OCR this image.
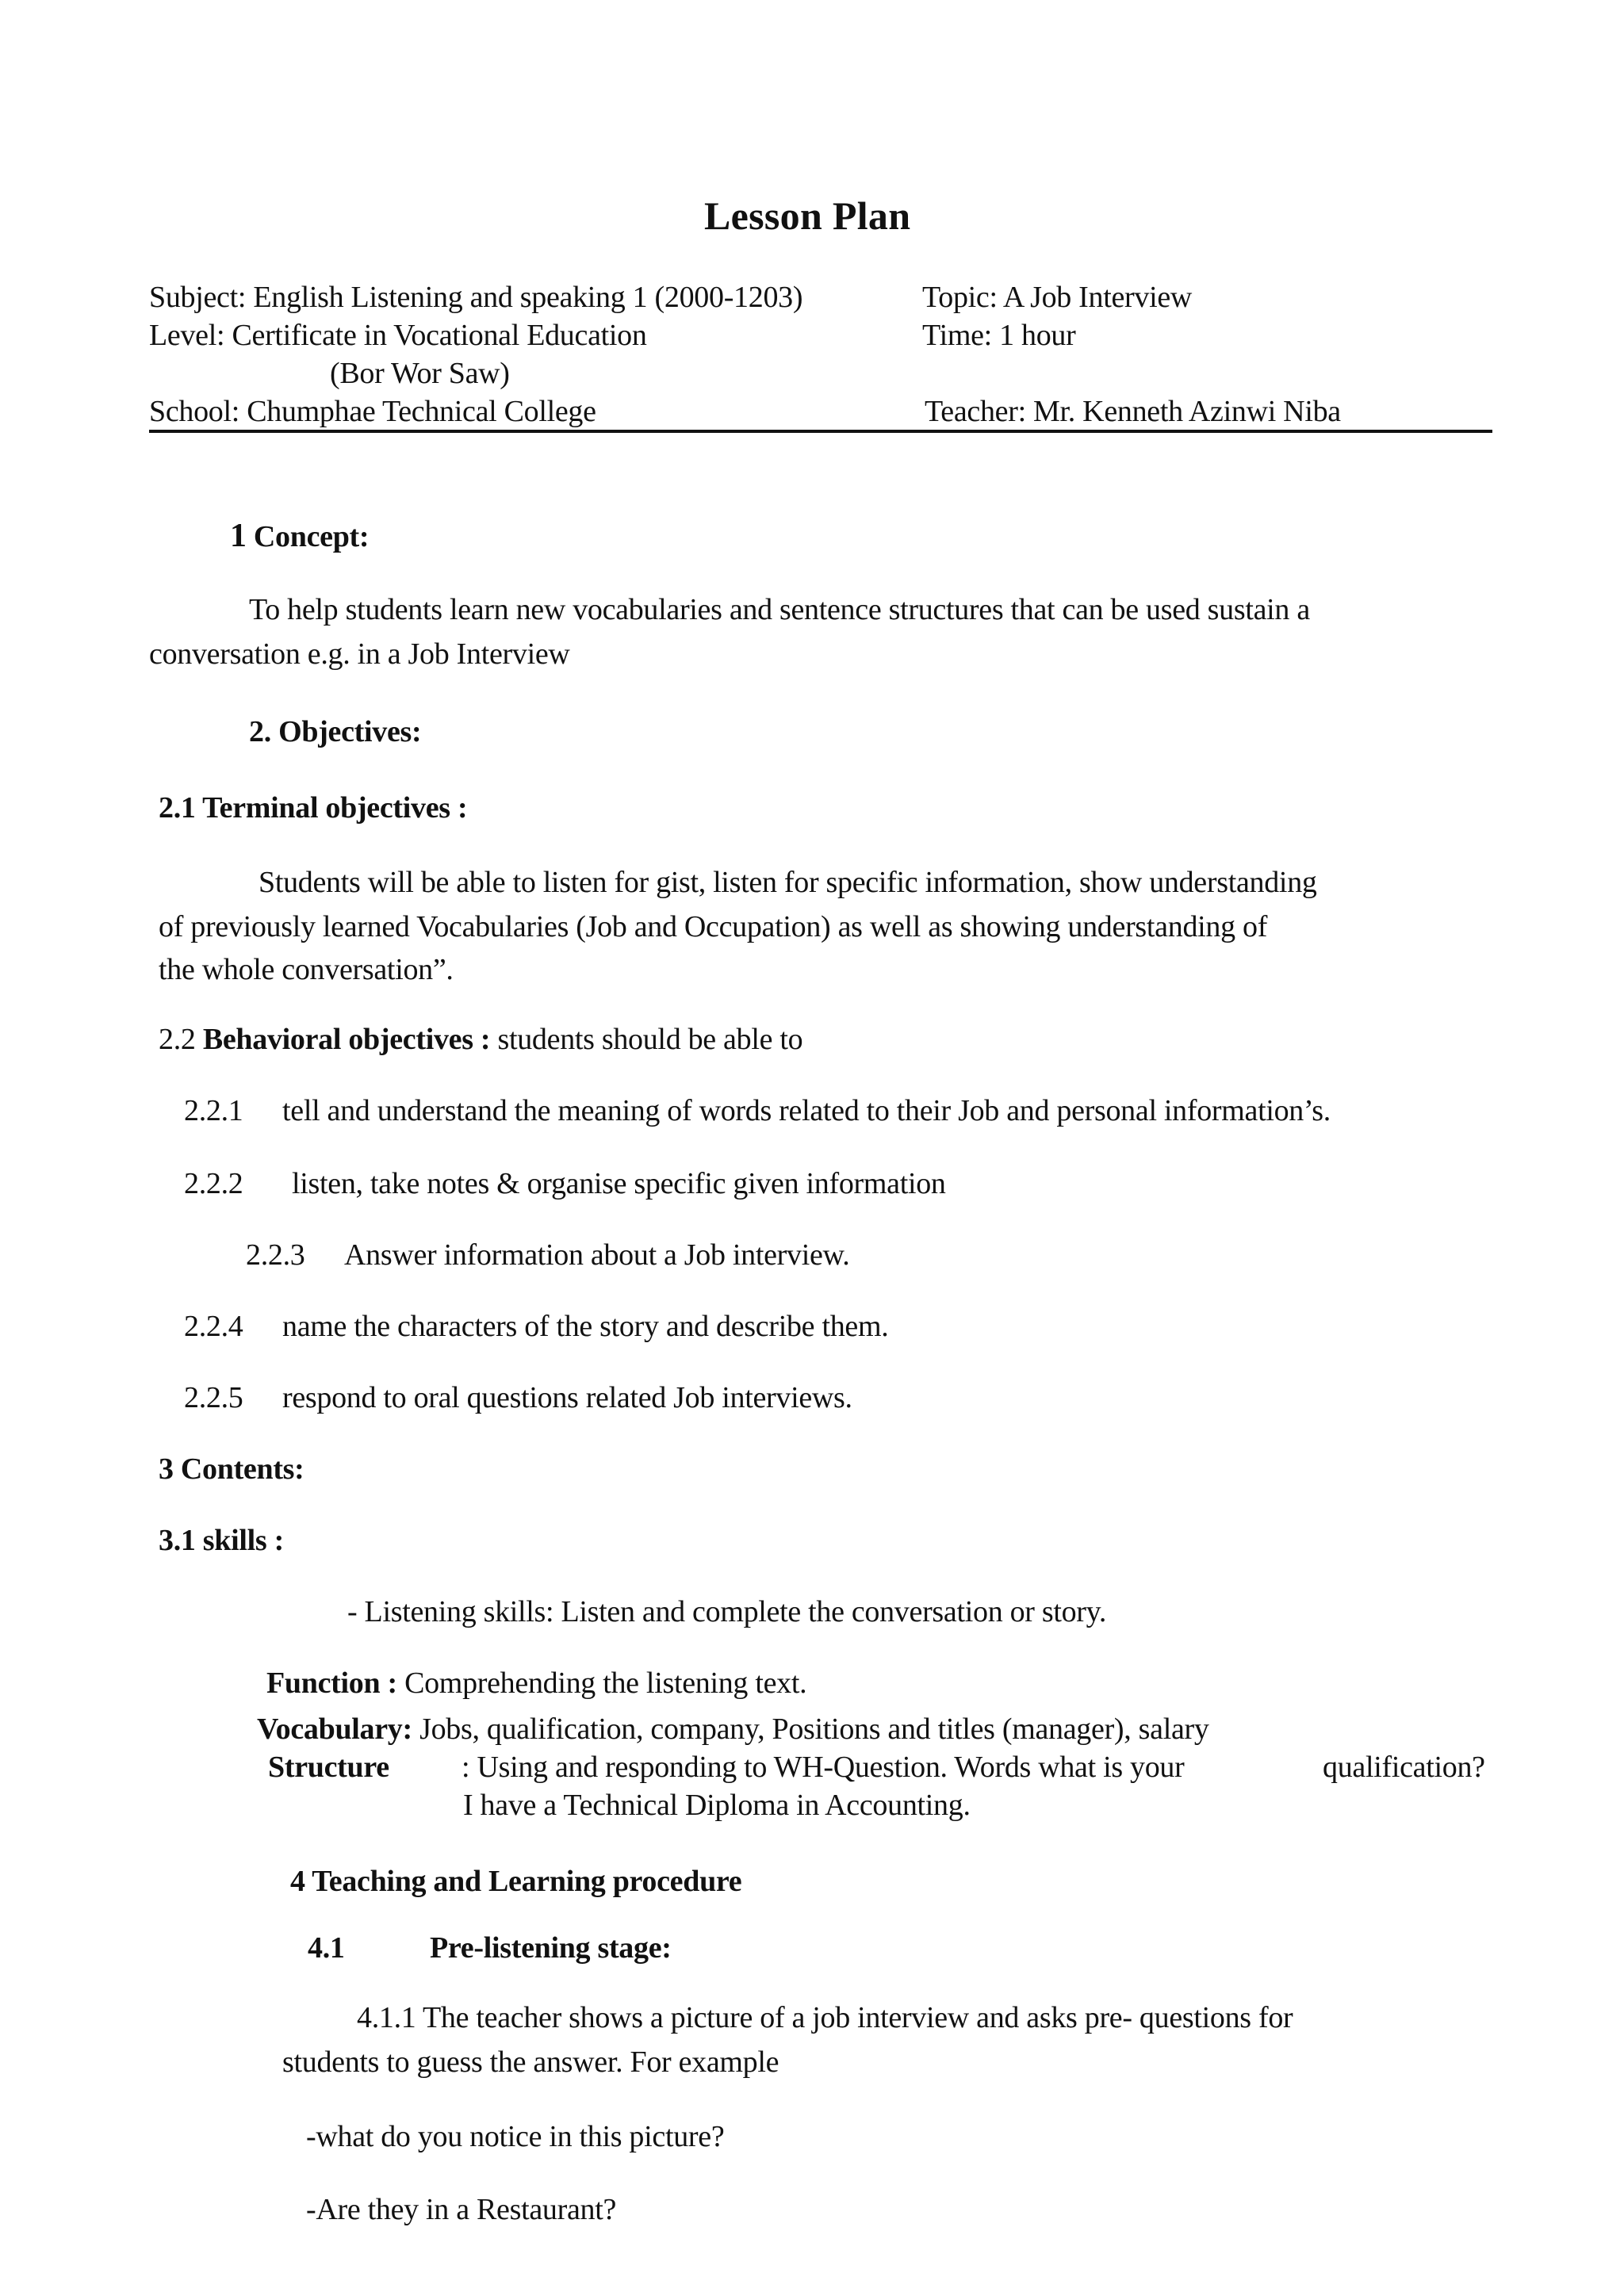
Lesson Plan
Subject: English Listening and speaking 1 (2000-1203)	Topic: A Job Interview
Level: Certificate in Vocational Education	Time: 1 hour
(Bor Wor Saw)
School: Chumphae Technical College	Teacher: Mr. Kenneth Azinwi Niba
1 Concept:
To help students learn new vocabularies and sentence structures that can be used sustain a
conversation e.g. in a Job Interview
2. Objectives:
2.1 Terminal objectives :
Students will be able to listen for gist, listen for specific information, show understanding
of previously learned Vocabularies (Job and Occupation) as well as showing understanding of
the whole conversation”.
2.2 Behavioral objectives : students should be able to
2.2.1 tell and understand the meaning of words related to their Job and personal information’s.
2.2.2 listen, take notes & organise specific given information
2.2.3 Answer information about a Job interview.
2.2.4 name the characters of the story and describe them.
2.2.5 respond to oral questions related Job interviews.
3 Contents:
3.1 skills :
- Listening skills: Listen and complete the conversation or story.
Function : Comprehending the listening text.
Vocabulary: Jobs, qualification, company, Positions and titles (manager), salary
Structure : Using and responding to WH-Question. Words what is your	qualification?
I have a Technical Diploma in Accounting.
4 Teaching and Learning procedure
4.1	Pre-listening stage:
4.1.1 The teacher shows a picture of a job interview and asks pre- questions for
students to guess the answer. For example
-what do you notice in this picture?
-Are they in a Restaurant?
